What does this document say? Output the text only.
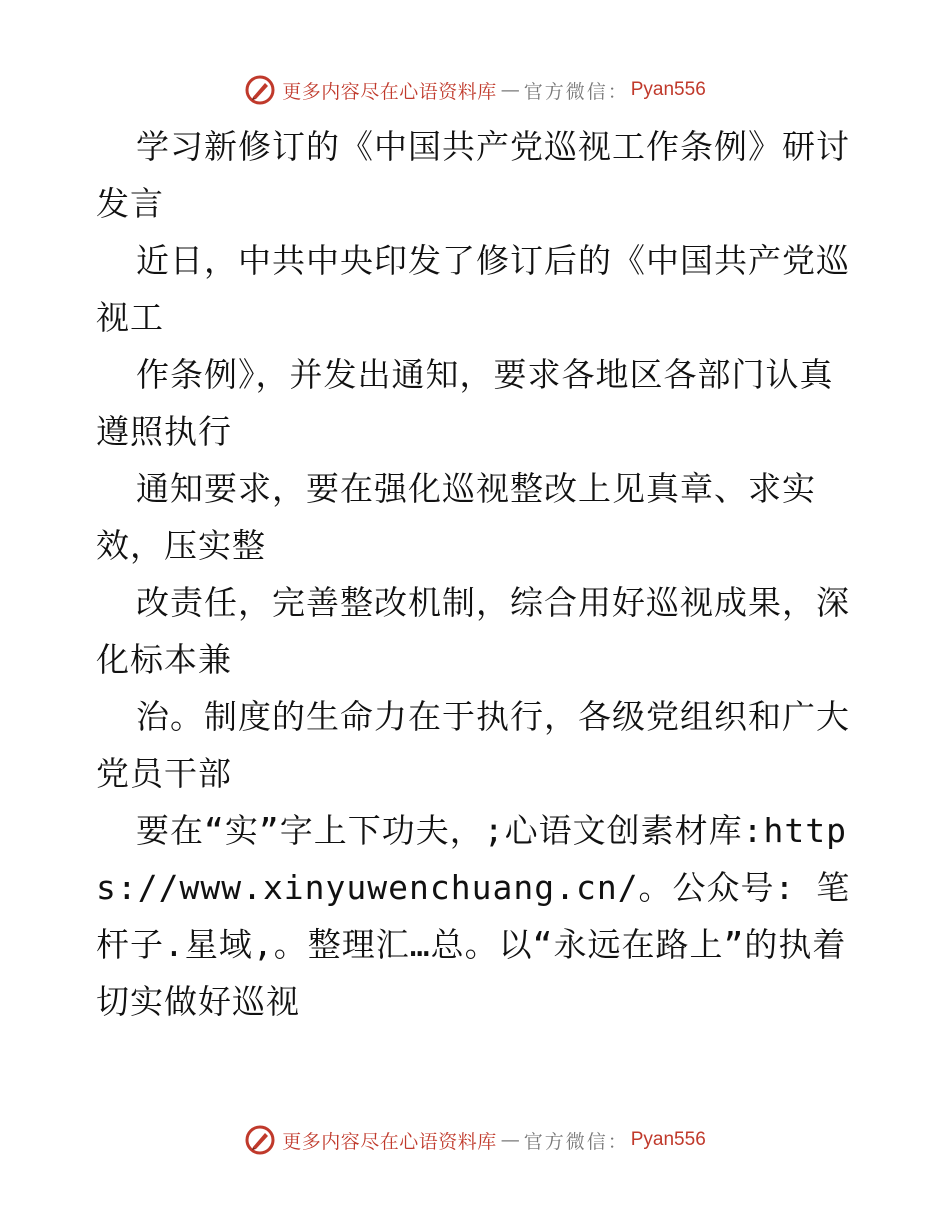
更多内容尽在心语资料库 — 官方微信： Pyan556

学习新修订的《中国共产党巡视工作条例》研讨发言

近日，中共中央印发了修订后的《中国共产党巡视工

作条例》，并发出通知，要求各地区各部门认真遵照执行

通知要求，要在强化巡视整改上见真章、求实效，压实整

改责任，完善整改机制，综合用好巡视成果，深化标本兼

治。制度的生命力在于执行，各级党组织和广大党员干部

要在“实”字上下功夫，;心语文创素材库:https://www.xinyuwenchuang.cn/。公众号: 笔杆子.星域,。整理汇…总。以“永远在路上”的执着切实做好巡视

更多内容尽在心语资料库 — 官方微信： Pyan556
